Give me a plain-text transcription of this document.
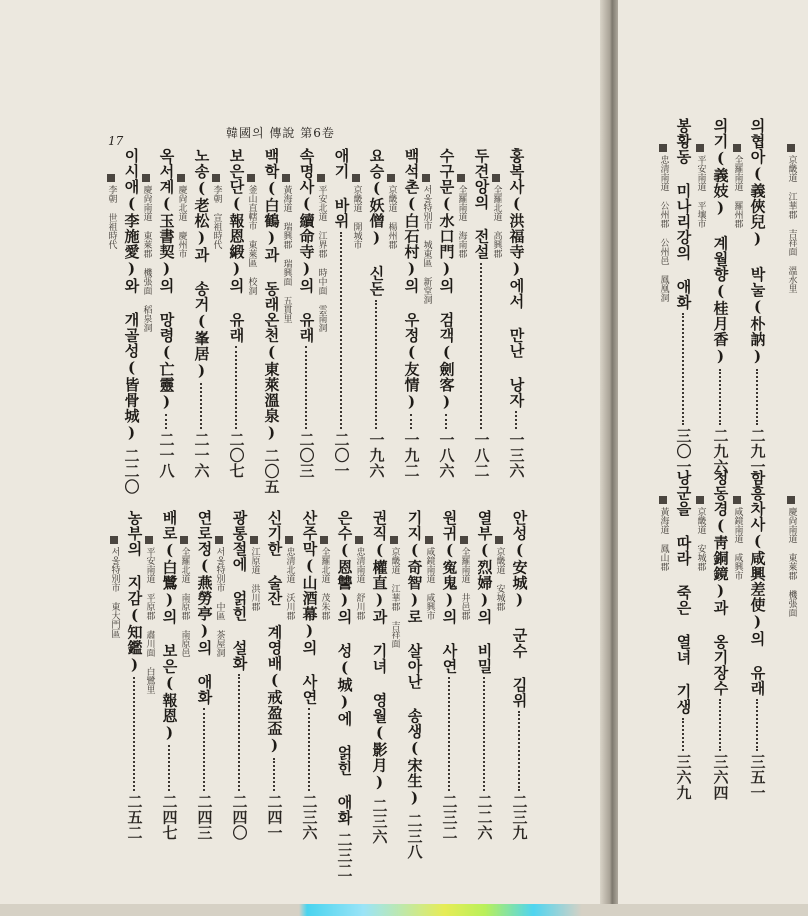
17
韓國의 傳說 第6卷
홍복사(洪福寺)에서 만난 낭자
一三六
全羅北道 高興郡
두견앙의 전설
一八二
全羅南道 海南郡
수구문(水口門)의 검객(劍客)
一八六
서울特別市 城東區 新堂洞
백석촌(白石村)의 우정(友情)
一九二
京畿道 楊州郡
요승(妖僧) 신돈
一九六
京畿道 開城市
애기 바위
二〇一
平安北道 江界郡 時中面 雲南洞
속명사(續命寺)의 유래
二〇三
黃海道 瑞興郡 瑞興面 五貫里
백학(白鶴)과 동래온천(東萊溫泉)
二〇五
釜山直轄市 東萊區 校洞
보은단(報恩緞)의 유래
二〇七
李朝 宣祖時代
노송(老松)과 송거(峯居)
二一六
慶尙北道 慶州市
옥서계(玉書契)의 망령(亡靈)
二一八
慶尙南道 東萊郡 機張面 稻泉洞
이시애(李施愛)와 개골성(皆骨城)
二二〇
李朝 世祖時代
안성(安城) 군수 김위
二三九
京畿道 安城郡
열부(烈婦)의 비밀
二二六
全羅南道 井邑郡
원귀(寃鬼)의 사연
二三二
咸鏡南道 咸興市
기지(奇智)로 살아난 송생(宋生)
二三八
京畿道 江華郡 吉祥面
권직(權直)과 기녀 영월(影月)
二三六
忠淸南道 舒川郡
은수(恩讐)의 성(城)에 얽힌 애화
二三二
全羅北道 茂朱郡
산주막(山酒幕)의 사연
二三六
忠淸北道 沃川郡
신기한 술잔 계영배(戒盈盃)
二四一
江原道 洪川郡
광통절에 얽힌 설화
二四〇
서울特別市 中區 茶屋洞
연로정(燕勞亭)의 애화
二四三
全羅北道 南原郡 南原邑
배로(白鷺)의 보은(報恩)
二四七
平安南道 平原郡 肅川面 白鷺里
농부의 지감(知鑑)
二五二
서울特別市 東大門區
京畿道 江華郡 吉祥面 溫水里
의협아(義俠兒) 박눌(朴訥)
二九一
全羅南道 羅州郡
의기(義妓) 계월향(桂月香)
二九六
平安南道 平壤市
봉황동 미나리강의 애화
三〇一
忠淸南道 公州郡 公州邑 鳳凰洞
慶尙南道 東萊郡 機張面
함흥차사(咸興差使)의 유래
三五一
咸鏡南道 咸興市
청동경(靑銅鏡)과 옹기장수
三六四
京畿道 安城郡
낭군을 따라 죽은 열녀 기생
三六九
黃海道 鳳山郡
